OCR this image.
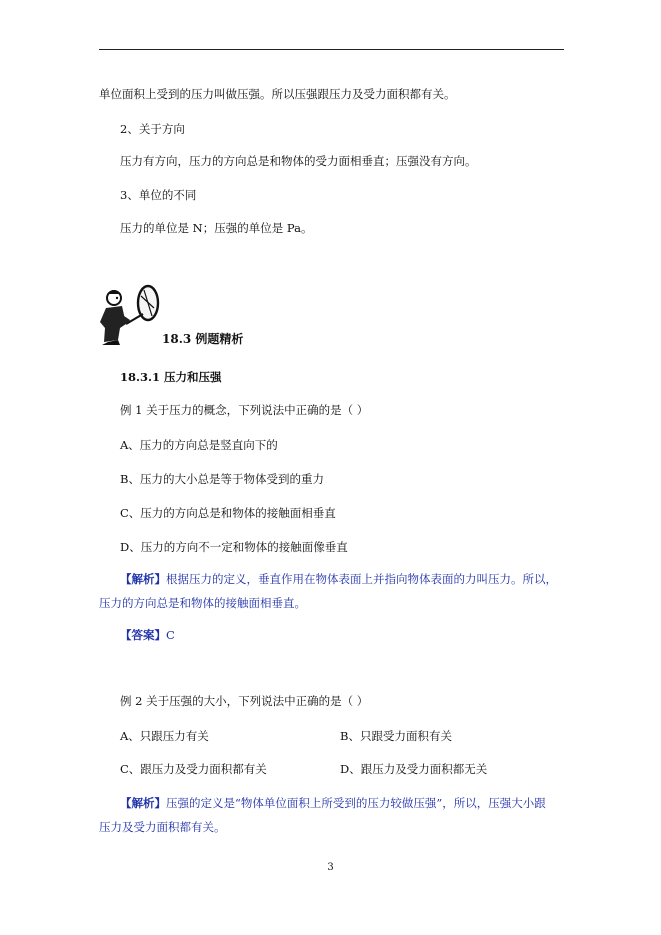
单位面积上受到的压力叫做压强。所以压强跟压力及受力面积都有关。
2、关于方向
压力有方向，压力的方向总是和物体的受力面相垂直；压强没有方向。
3、单位的不同
压力的单位是 N；压强的单位是 Pa。
18.3 例题精析
18.3.1 压力和压强
例 1 关于压力的概念，下列说法中正确的是（ ）
A、压力的方向总是竖直向下的
B、压力的大小总是等于物体受到的重力
C、压力的方向总是和物体的接触面相垂直
D、压力的方向不一定和物体的接触面像垂直
【解析】根据压力的定义，垂直作用在物体表面上并指向物体表面的力叫压力。所以，
压力的方向总是和物体的接触面相垂直。
【答案】C
例 2 关于压强的大小，下列说法中正确的是（ ）
A、只跟压力有关	B、只跟受力面积有关
C、跟压力及受力面积都有关	D、跟压力及受力面积都无关
【解析】压强的定义是“物体单位面积上所受到的压力较做压强”，所以，压强大小跟
压力及受力面积都有关。
3
